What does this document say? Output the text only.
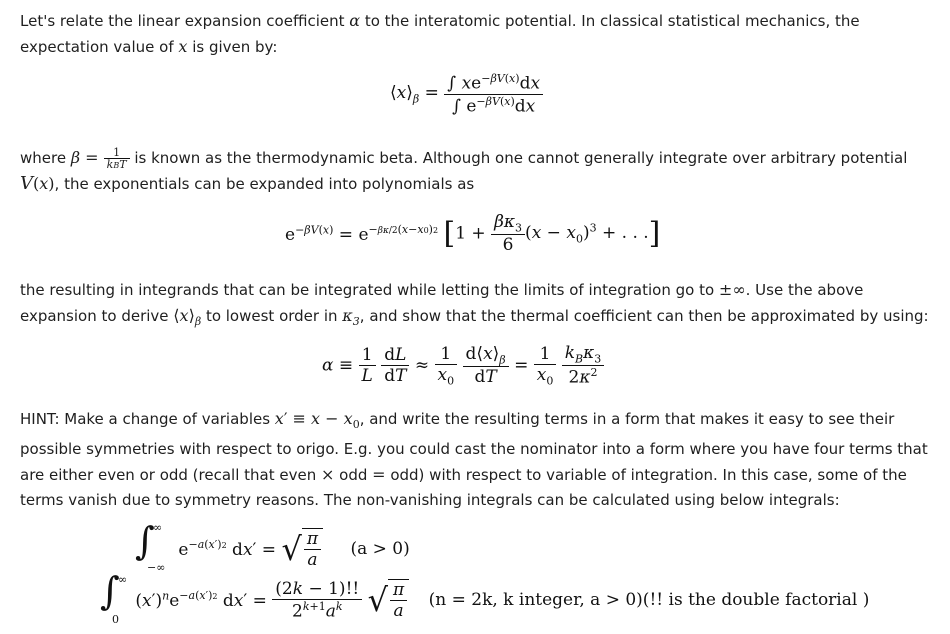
Let's relate the linear expansion coefficient α to the interatomic potential. In classical statistical mechanics, the expectation value of x is given by:
$⟨x⟩_\beta = \frac{\int xe^{-\beta V(x)}dx}{\int e^{-\beta V(x)}dx}$
where $\beta = \frac{1}{\text{kBT}}$ is known as the thermodynamic beta. Although one cannot generally integrate over arbitrary potential V(x), the exponentials can be expanded into polynomials as
$e^{-\beta V(x)} = e^{-\beta\kappa/2(x-x0)2}$ [$1 + \frac{\beta\kappa_3}{6} (x - x_0)^3$ + . . .]
the resulting in integrands that can be integrated while letting the limits of integration go to ±∞. Use the above expansion to derive $⟨x⟩_\beta$ to lowest order in $\kappa_3$, and show that the thermal coefficient can then be approximated by using:
$\alpha \equiv \frac{1}{L}$
$\frac{dL}{dT} \approx \frac{1}{x_0}$
$\frac{d⟨x⟩_\beta}{dT} = \frac{1}{x_0}$
$\frac{k_B\kappa_3}{2\kappa^2}$
HINT: Make a change of variables $x' \equiv x - x_0$, and write the resulting terms in a form that makes it easy to see their possible symmetries with respect to origo. E.g. you could cast the nominator into a form where you have four terms that are either even or odd (recall that even × odd = odd) with respect to variable of integration. In this case, some of the terms vanish due to symmetry reasons. The non-vanishing integrals can be calculated using below integrals:
∫
∞
−∞
$e^{-a(x')2}$ dx′ = √ $\frac{\pi}{a} (a > 0)$
∫
∞
0
$(x')^ne^{-a(x')2}$ $dx' = \frac{(2k - 1)!!}{2^{k+1}a^k}$ √ $\frac{\pi}{a} (n = 2k$, k integer, a > 0)(!! is the double factorial )
